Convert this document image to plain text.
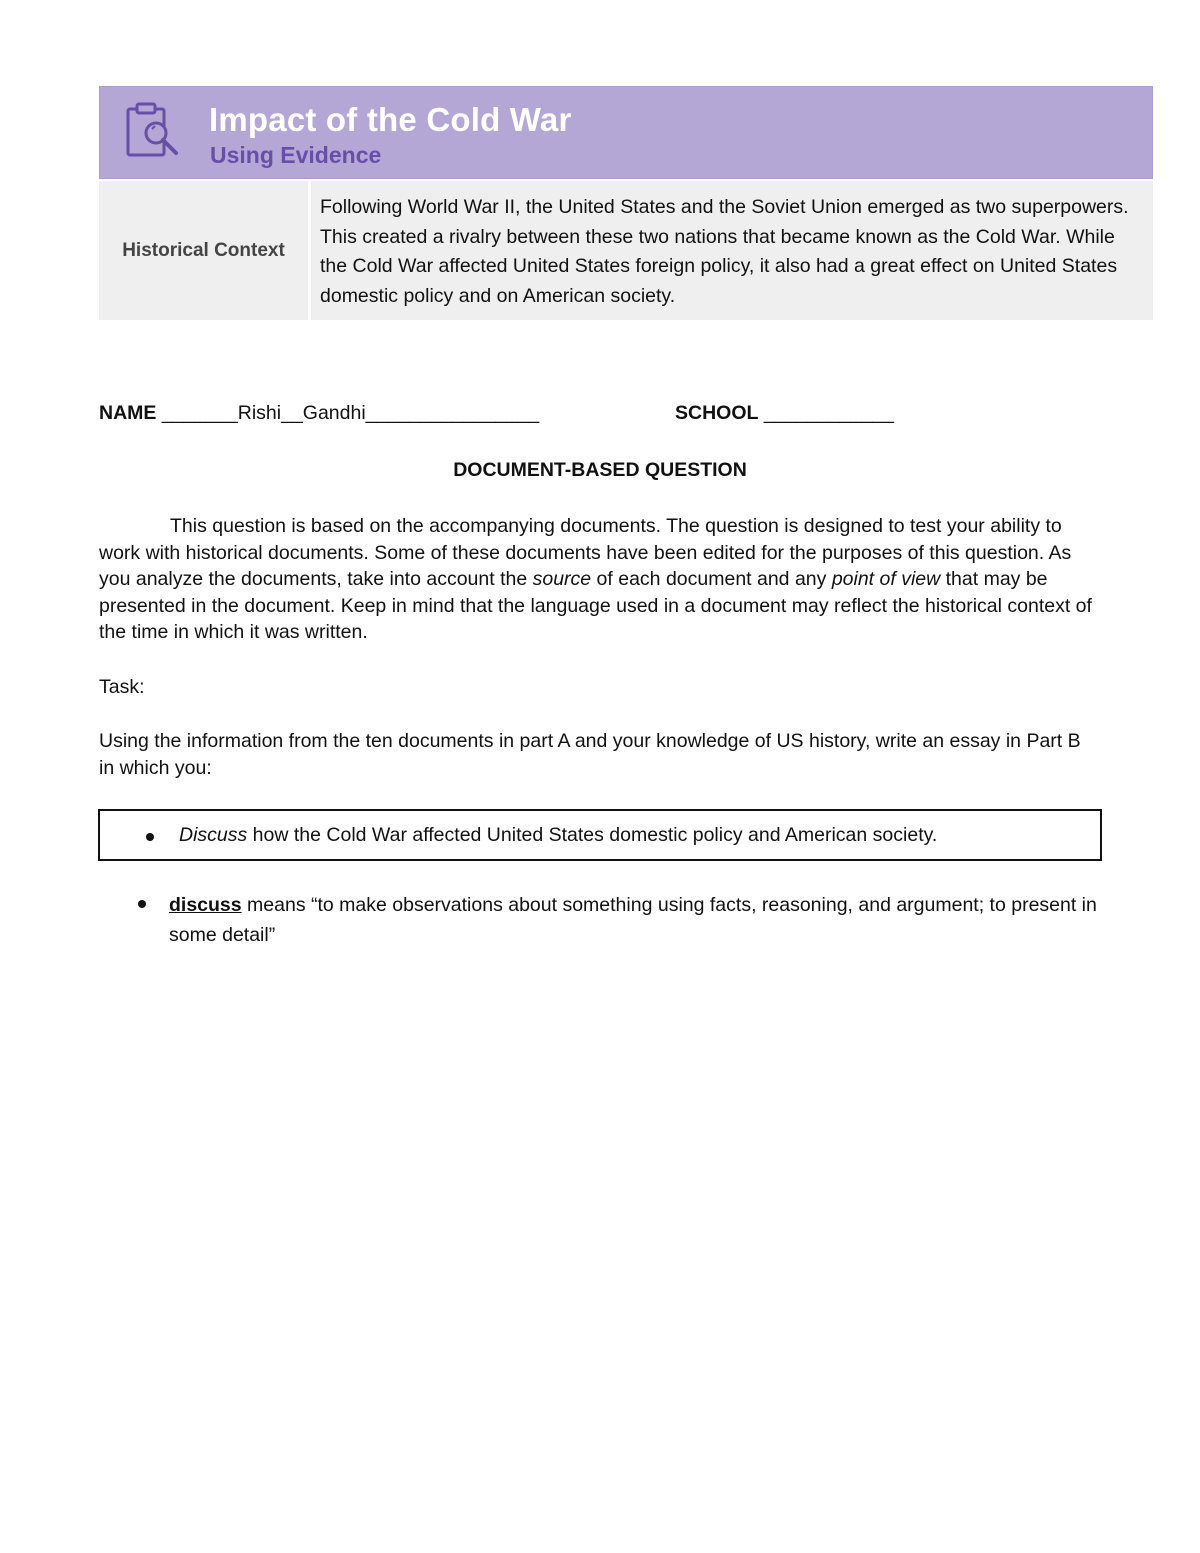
Impact of the Cold War
Using Evidence
Historical Context
Following World War II, the United States and the Soviet Union emerged as two superpowers. This created a rivalry between these two nations that became known as the Cold War. While the Cold War affected United States foreign policy, it also had a great effect on United States domestic policy and on American society.
NAME _______Rishi__Gandhi________________	SCHOOL ____________
DOCUMENT-BASED QUESTION
This question is based on the accompanying documents. The question is designed to test your ability to work with historical documents. Some of these documents have been edited for the purposes of this question. As you analyze the documents, take into account the source of each document and any point of view that may be presented in the document. Keep in mind that the language used in a document may reflect the historical context of the time in which it was written.
Task:
Using the information from the ten documents in part A and your knowledge of US history, write an essay in Part B in which you:
Discuss how the Cold War affected United States domestic policy and American society.
discuss means “to make observations about something using facts, reasoning, and argument; to present in some detail”
